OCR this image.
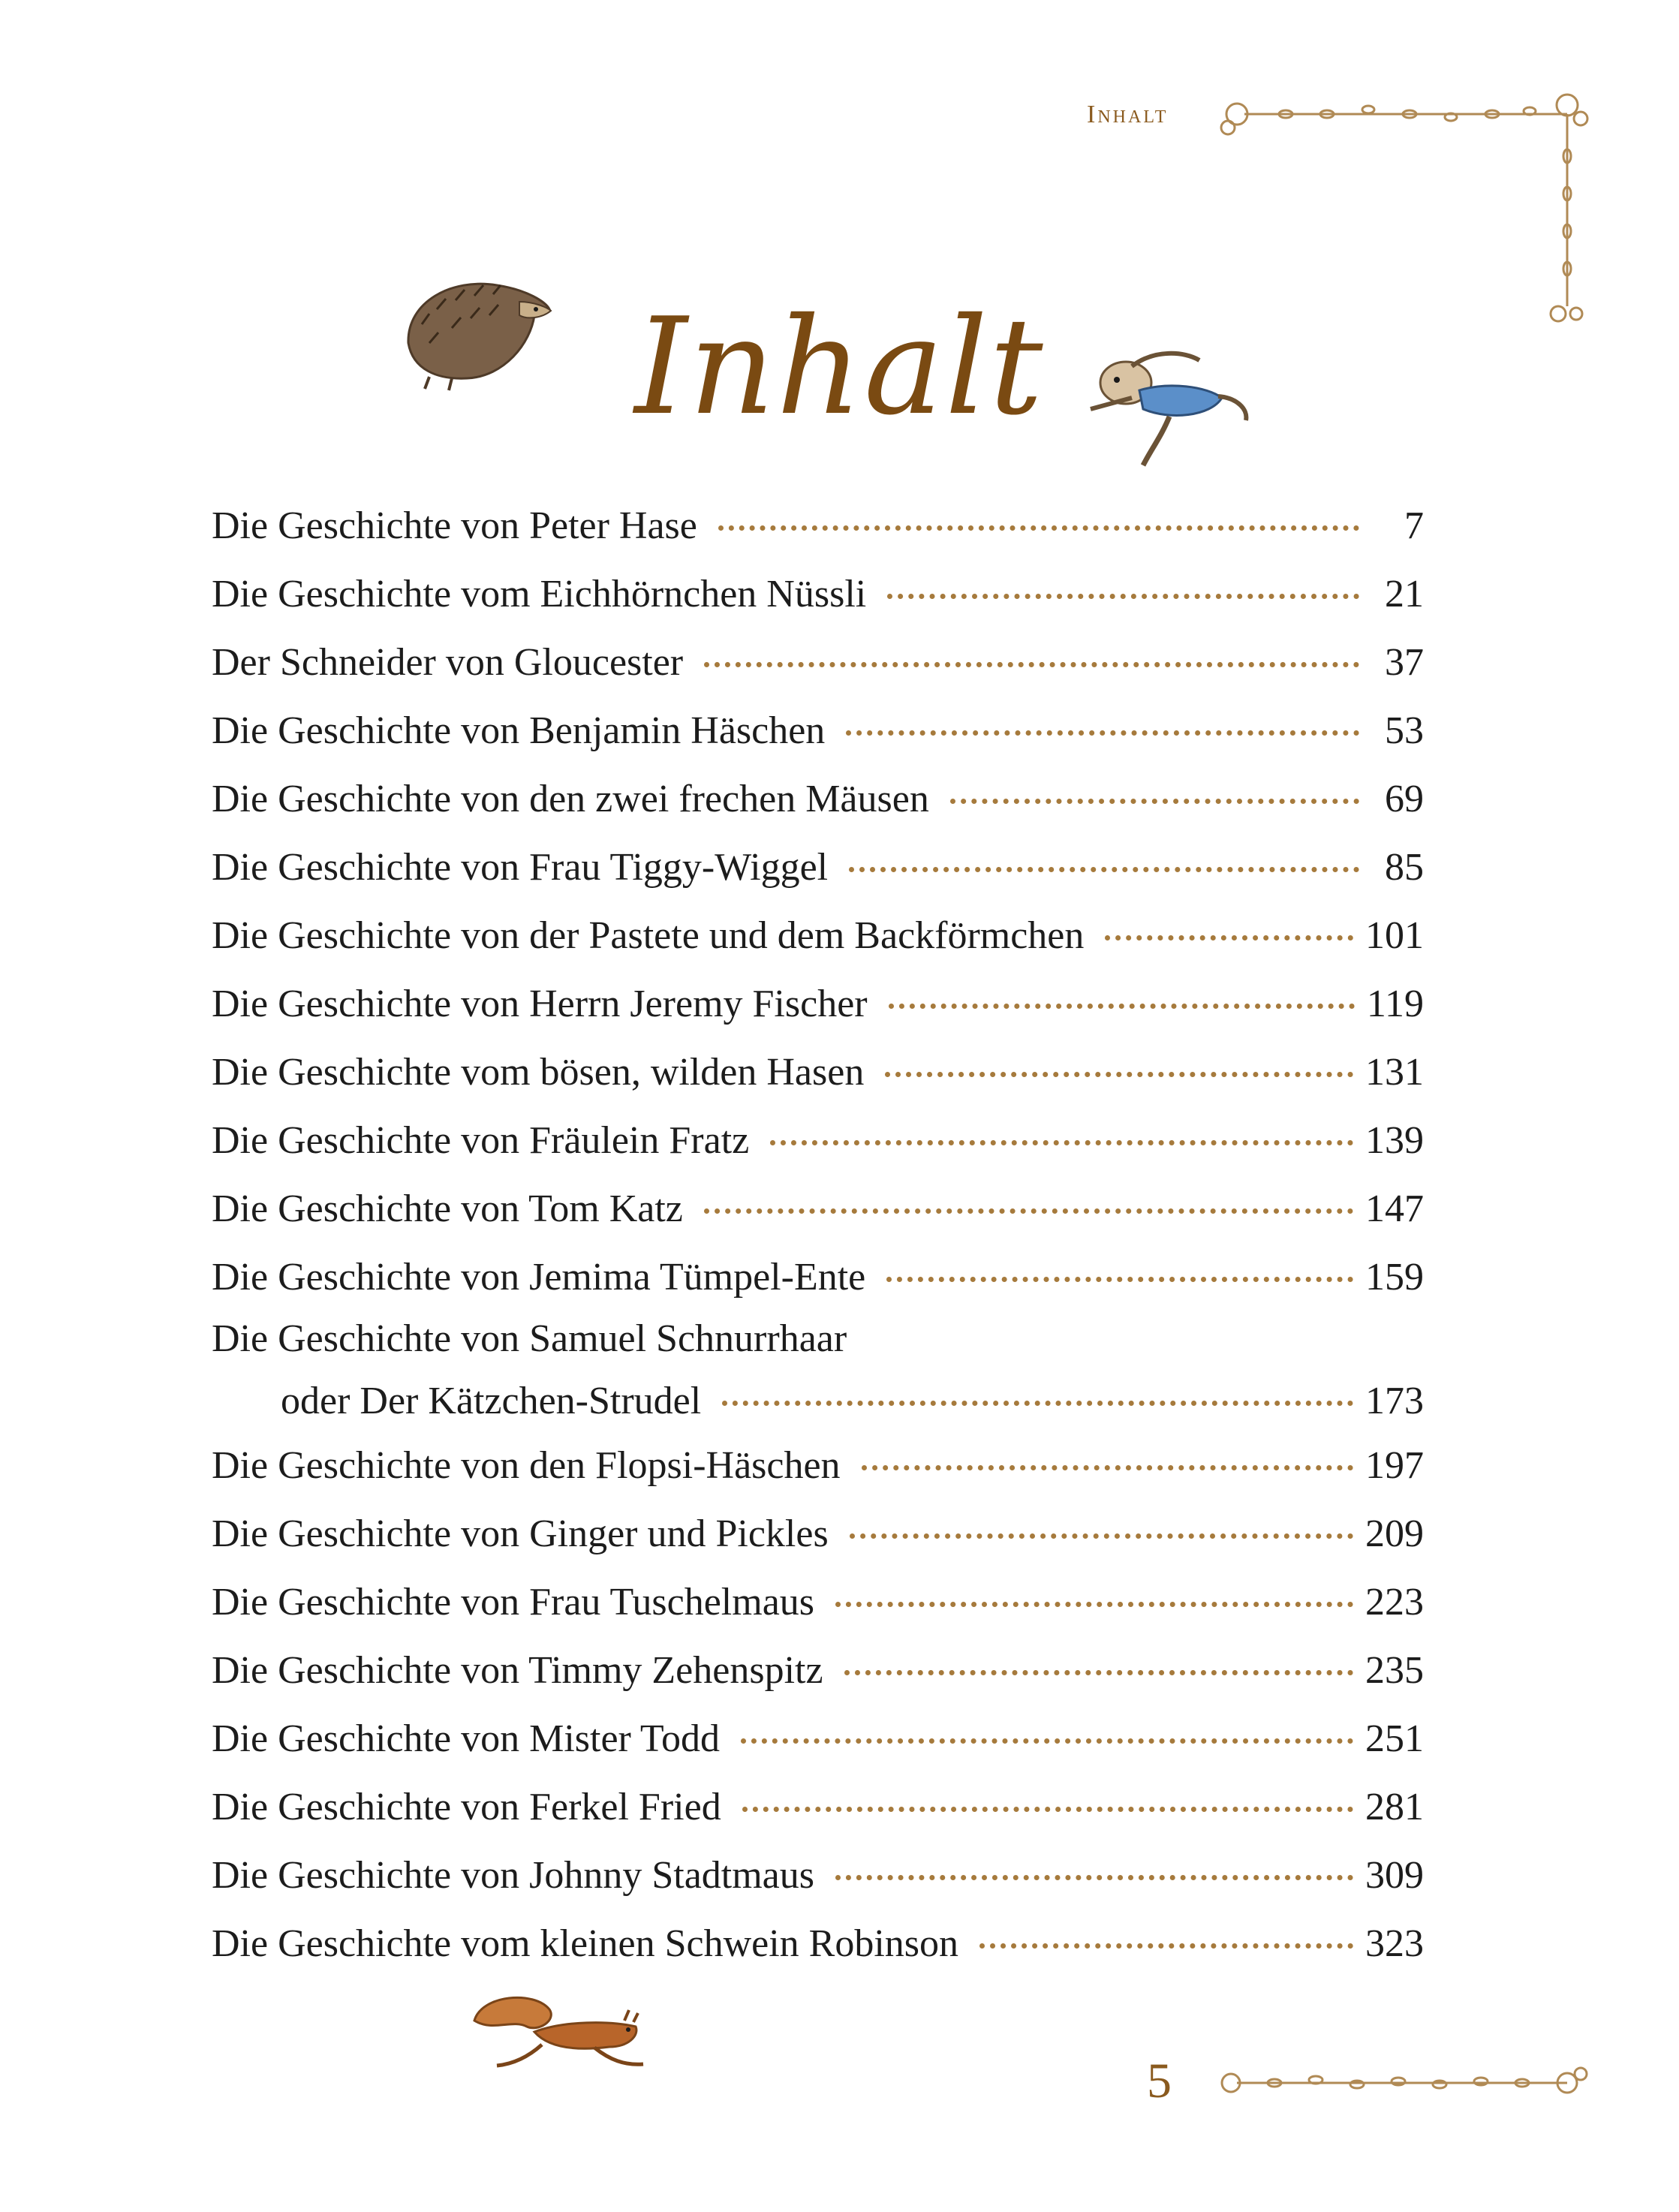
Inhalt
Inhalt
Die Geschichte von Peter Hase	7
Die Geschichte vom Eichhörnchen Nüssli	21
Der Schneider von Gloucester	37
Die Geschichte von Benjamin Häschen	53
Die Geschichte von den zwei frechen Mäusen	69
Die Geschichte von Frau Tiggy-Wiggel	85
Die Geschichte von der Pastete und dem Backförmchen	101
Die Geschichte von Herrn Jeremy Fischer	119
Die Geschichte vom bösen, wilden Hasen	131
Die Geschichte von Fräulein Fratz	139
Die Geschichte von Tom Katz	147
Die Geschichte von Jemima Tümpel-Ente	159
Die Geschichte von Samuel Schnurrhaar
oder Der Kätzchen-Strudel	173
Die Geschichte von den Flopsi-Häschen	197
Die Geschichte von Ginger und Pickles	209
Die Geschichte von Frau Tuschelmaus	223
Die Geschichte von Timmy Zehenspitz	235
Die Geschichte von Mister Todd	251
Die Geschichte von Ferkel Fried	281
Die Geschichte von Johnny Stadtmaus	309
Die Geschichte vom kleinen Schwein Robinson	323
5
